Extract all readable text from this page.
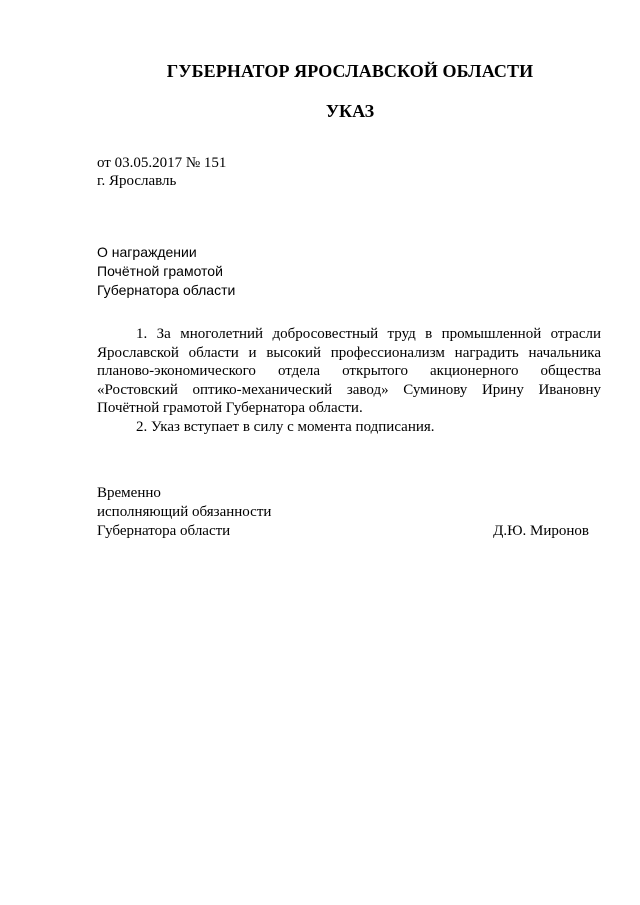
ГУБЕРНАТОР ЯРОСЛАВСКОЙ ОБЛАСТИ
УКАЗ
от 03.05.2017 № 151
г. Ярославль
О награждении
Почётной грамотой
Губернатора области

1. За многолетний добросовестный труд в промышленной отрасли Ярославской области и высокий профессионализм наградить начальника планово-экономического отдела открытого акционерного общества «Ростовский оптико-механический завод» Суминову Ирину Ивановну Почётной грамотой Губернатора области.

2. Указ вступает в силу с момента подписания.

Временно
исполняющий обязанности
Губернатора области	Д.Ю. Миронов
